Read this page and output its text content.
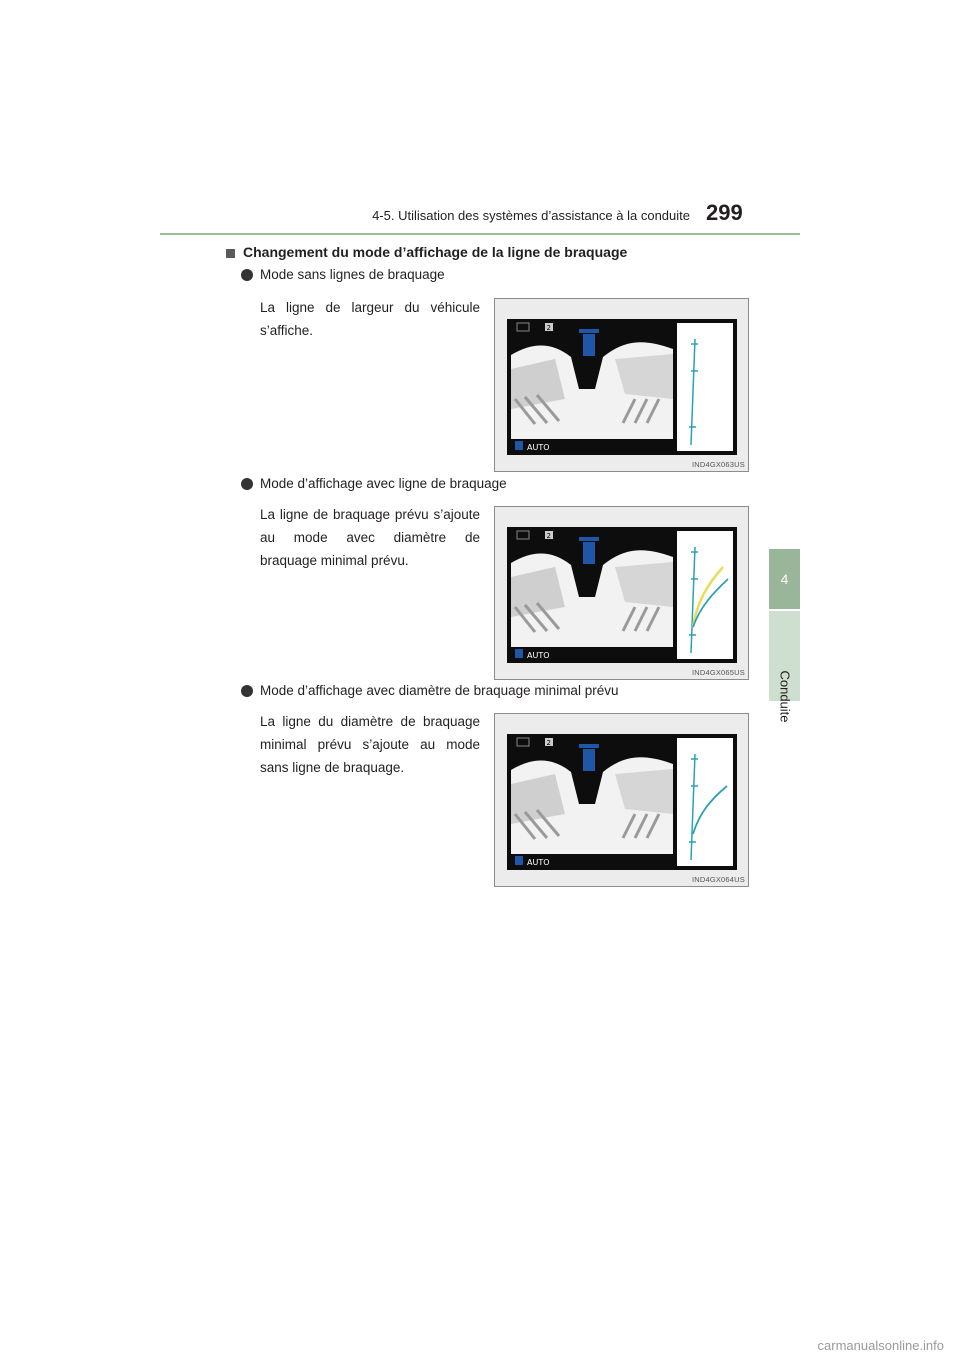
4-5. Utilisation des systèmes d’assistance à la conduite 299
4
Conduite
Changement du mode d’affichage de la ligne de braquage
Mode sans lignes de braquage
La ligne de largeur du véhicule s’affiche.
AUTO
2
IND4GX063US
Mode d’affichage avec ligne de braquage
La ligne de braquage prévu s’ajoute au mode avec diamètre de braquage minimal prévu.
AUTO
2
IND4GX065US
Mode d’affichage avec diamètre de braquage minimal prévu
La ligne du diamètre de braquage minimal prévu s’ajoute au mode sans ligne de braquage.
AUTO
2
IND4GX064US
carmanualsonline.info
